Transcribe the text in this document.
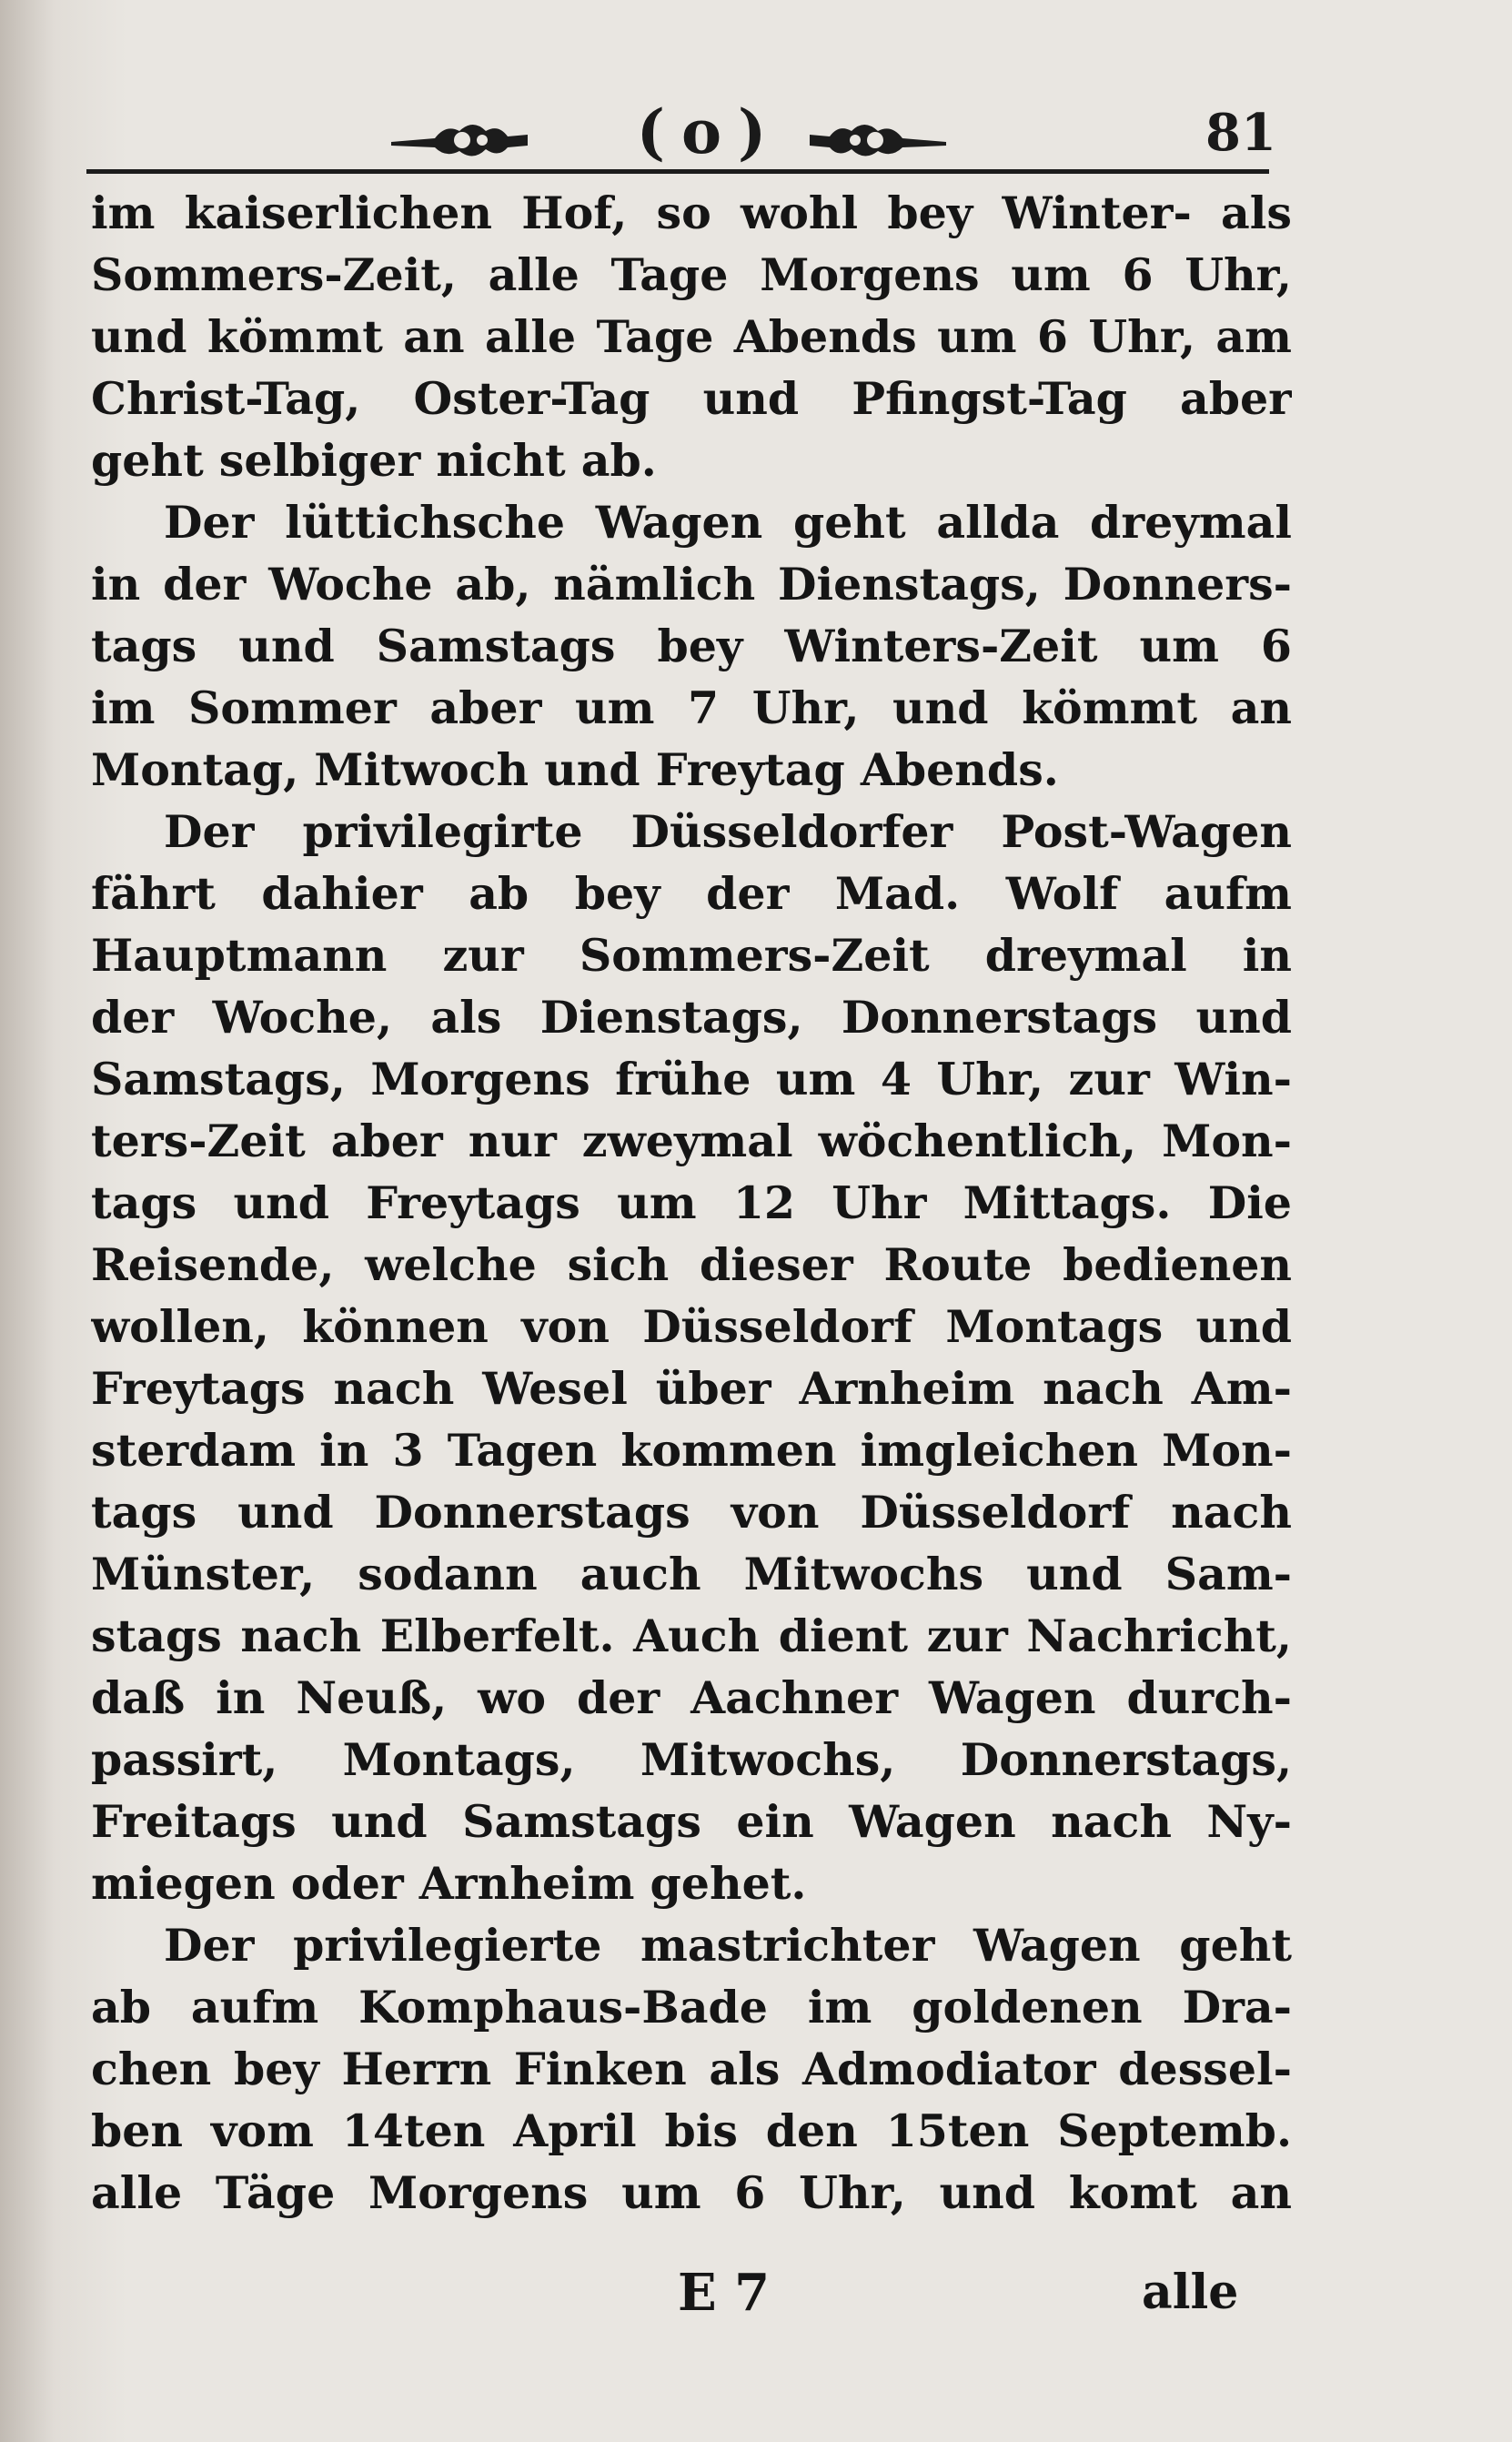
(o)	81
im kaiserlichen Hof, so wohl bey Winter- als
Sommers-Zeit, alle Tage Morgens um 6 Uhr,
und kömmt an alle Tage Abends um 6 Uhr, am
Christ-Tag, Oster-Tag und Pfingst-Tag aber
geht selbiger nicht ab.
Der lüttichsche Wagen geht allda dreymal
in der Woche ab, nämlich Dienstags, Donners-
tags und Samstags bey Winters-Zeit um 6
im Sommer aber um 7 Uhr, und kömmt an
Montag, Mitwoch und Freytag Abends.
Der privilegirte Düsseldorfer Post-Wagen
fährt dahier ab bey der Mad. Wolf aufm
Hauptmann zur Sommers-Zeit dreymal in
der Woche, als Dienstags, Donnerstags und
Samstags, Morgens frühe um 4 Uhr, zur Win-
ters-Zeit aber nur zweymal wöchentlich, Mon-
tags und Freytags um 12 Uhr Mittags. Die
Reisende, welche sich dieser Route bedienen
wollen, können von Düsseldorf Montags und
Freytags nach Wesel über Arnheim nach Am-
sterdam in 3 Tagen kommen imgleichen Mon-
tags und Donnerstags von Düsseldorf nach
Münster, sodann auch Mitwochs und Sam-
stags nach Elberfelt. Auch dient zur Nachricht,
daß in Neuß, wo der Aachner Wagen durch-
passirt, Montags, Mitwochs, Donnerstags,
Freitags und Samstags ein Wagen nach Ny-
miegen oder Arnheim gehet.
Der privilegierte mastrichter Wagen geht
ab aufm Komphaus-Bade im goldenen Dra-
chen bey Herrn Finken als Admodiator dessel-
ben vom 14ten April bis den 15ten Septemb.
alle Täge Morgens um 6 Uhr, und komt an
E 7	alle
